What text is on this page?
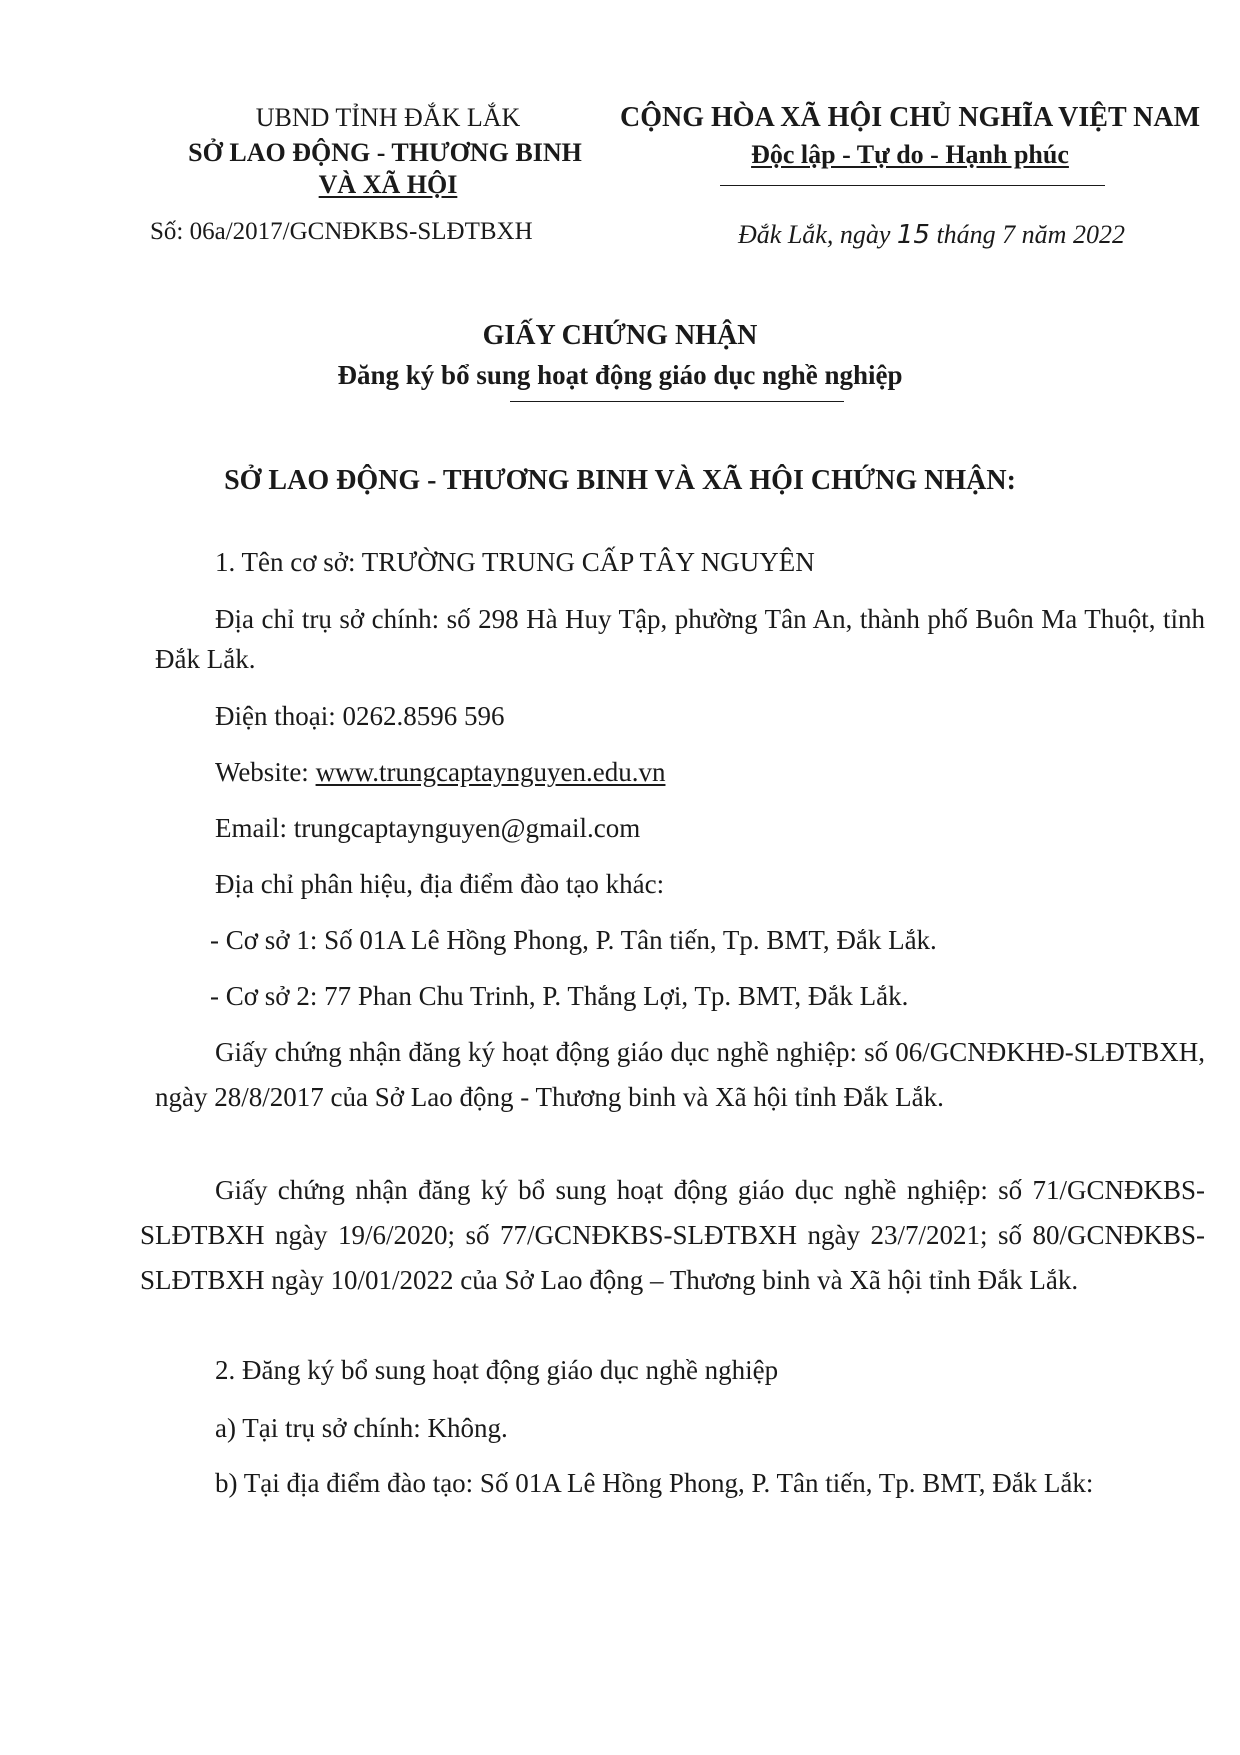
UBND TỈNH ĐẮK LẮK
SỞ LAO ĐỘNG - THƯƠNG BINH
VÀ XÃ HỘI
Số: 06a/2017/GCNĐKBS-SLĐTBXH
CỘNG HÒA XÃ HỘI CHỦ NGHĨA VIỆT NAM
Độc lập - Tự do - Hạnh phúc
Đắk Lắk, ngày 15 tháng 7 năm 2022
GIẤY CHỨNG NHẬN
Đăng ký bổ sung hoạt động giáo dục nghề nghiệp
SỞ LAO ĐỘNG - THƯƠNG BINH VÀ XÃ HỘI CHỨNG NHẬN:
1. Tên cơ sở: TRƯỜNG TRUNG CẤP TÂY NGUYÊN
Địa chỉ trụ sở chính: số 298 Hà Huy Tập, phường Tân An, thành phố Buôn Ma Thuột, tỉnh Đắk Lắk.
Điện thoại: 0262.8596 596
Website: www.trungcaptaynguyen.edu.vn
Email: trungcaptaynguyen@gmail.com
Địa chỉ phân hiệu, địa điểm đào tạo khác:
- Cơ sở 1: Số 01A Lê Hồng Phong, P. Tân tiến, Tp. BMT, Đắk Lắk.
- Cơ sở 2: 77 Phan Chu Trinh, P. Thắng Lợi, Tp. BMT, Đắk Lắk.
Giấy chứng nhận đăng ký hoạt động giáo dục nghề nghiệp: số 06/GCNĐKHĐ-SLĐTBXH, ngày 28/8/2017 của Sở Lao động - Thương binh và Xã hội tỉnh Đắk Lắk.
Giấy chứng nhận đăng ký bổ sung hoạt động giáo dục nghề nghiệp: số 71/GCNĐKBS-SLĐTBXH ngày 19/6/2020; số 77/GCNĐKBS-SLĐTBXH ngày 23/7/2021; số 80/GCNĐKBS-SLĐTBXH ngày 10/01/2022 của Sở Lao động – Thương binh và Xã hội tỉnh Đắk Lắk.
2. Đăng ký bổ sung hoạt động giáo dục nghề nghiệp
a) Tại trụ sở chính: Không.
b) Tại địa điểm đào tạo: Số 01A Lê Hồng Phong, P. Tân tiến, Tp. BMT, Đắk Lắk:
